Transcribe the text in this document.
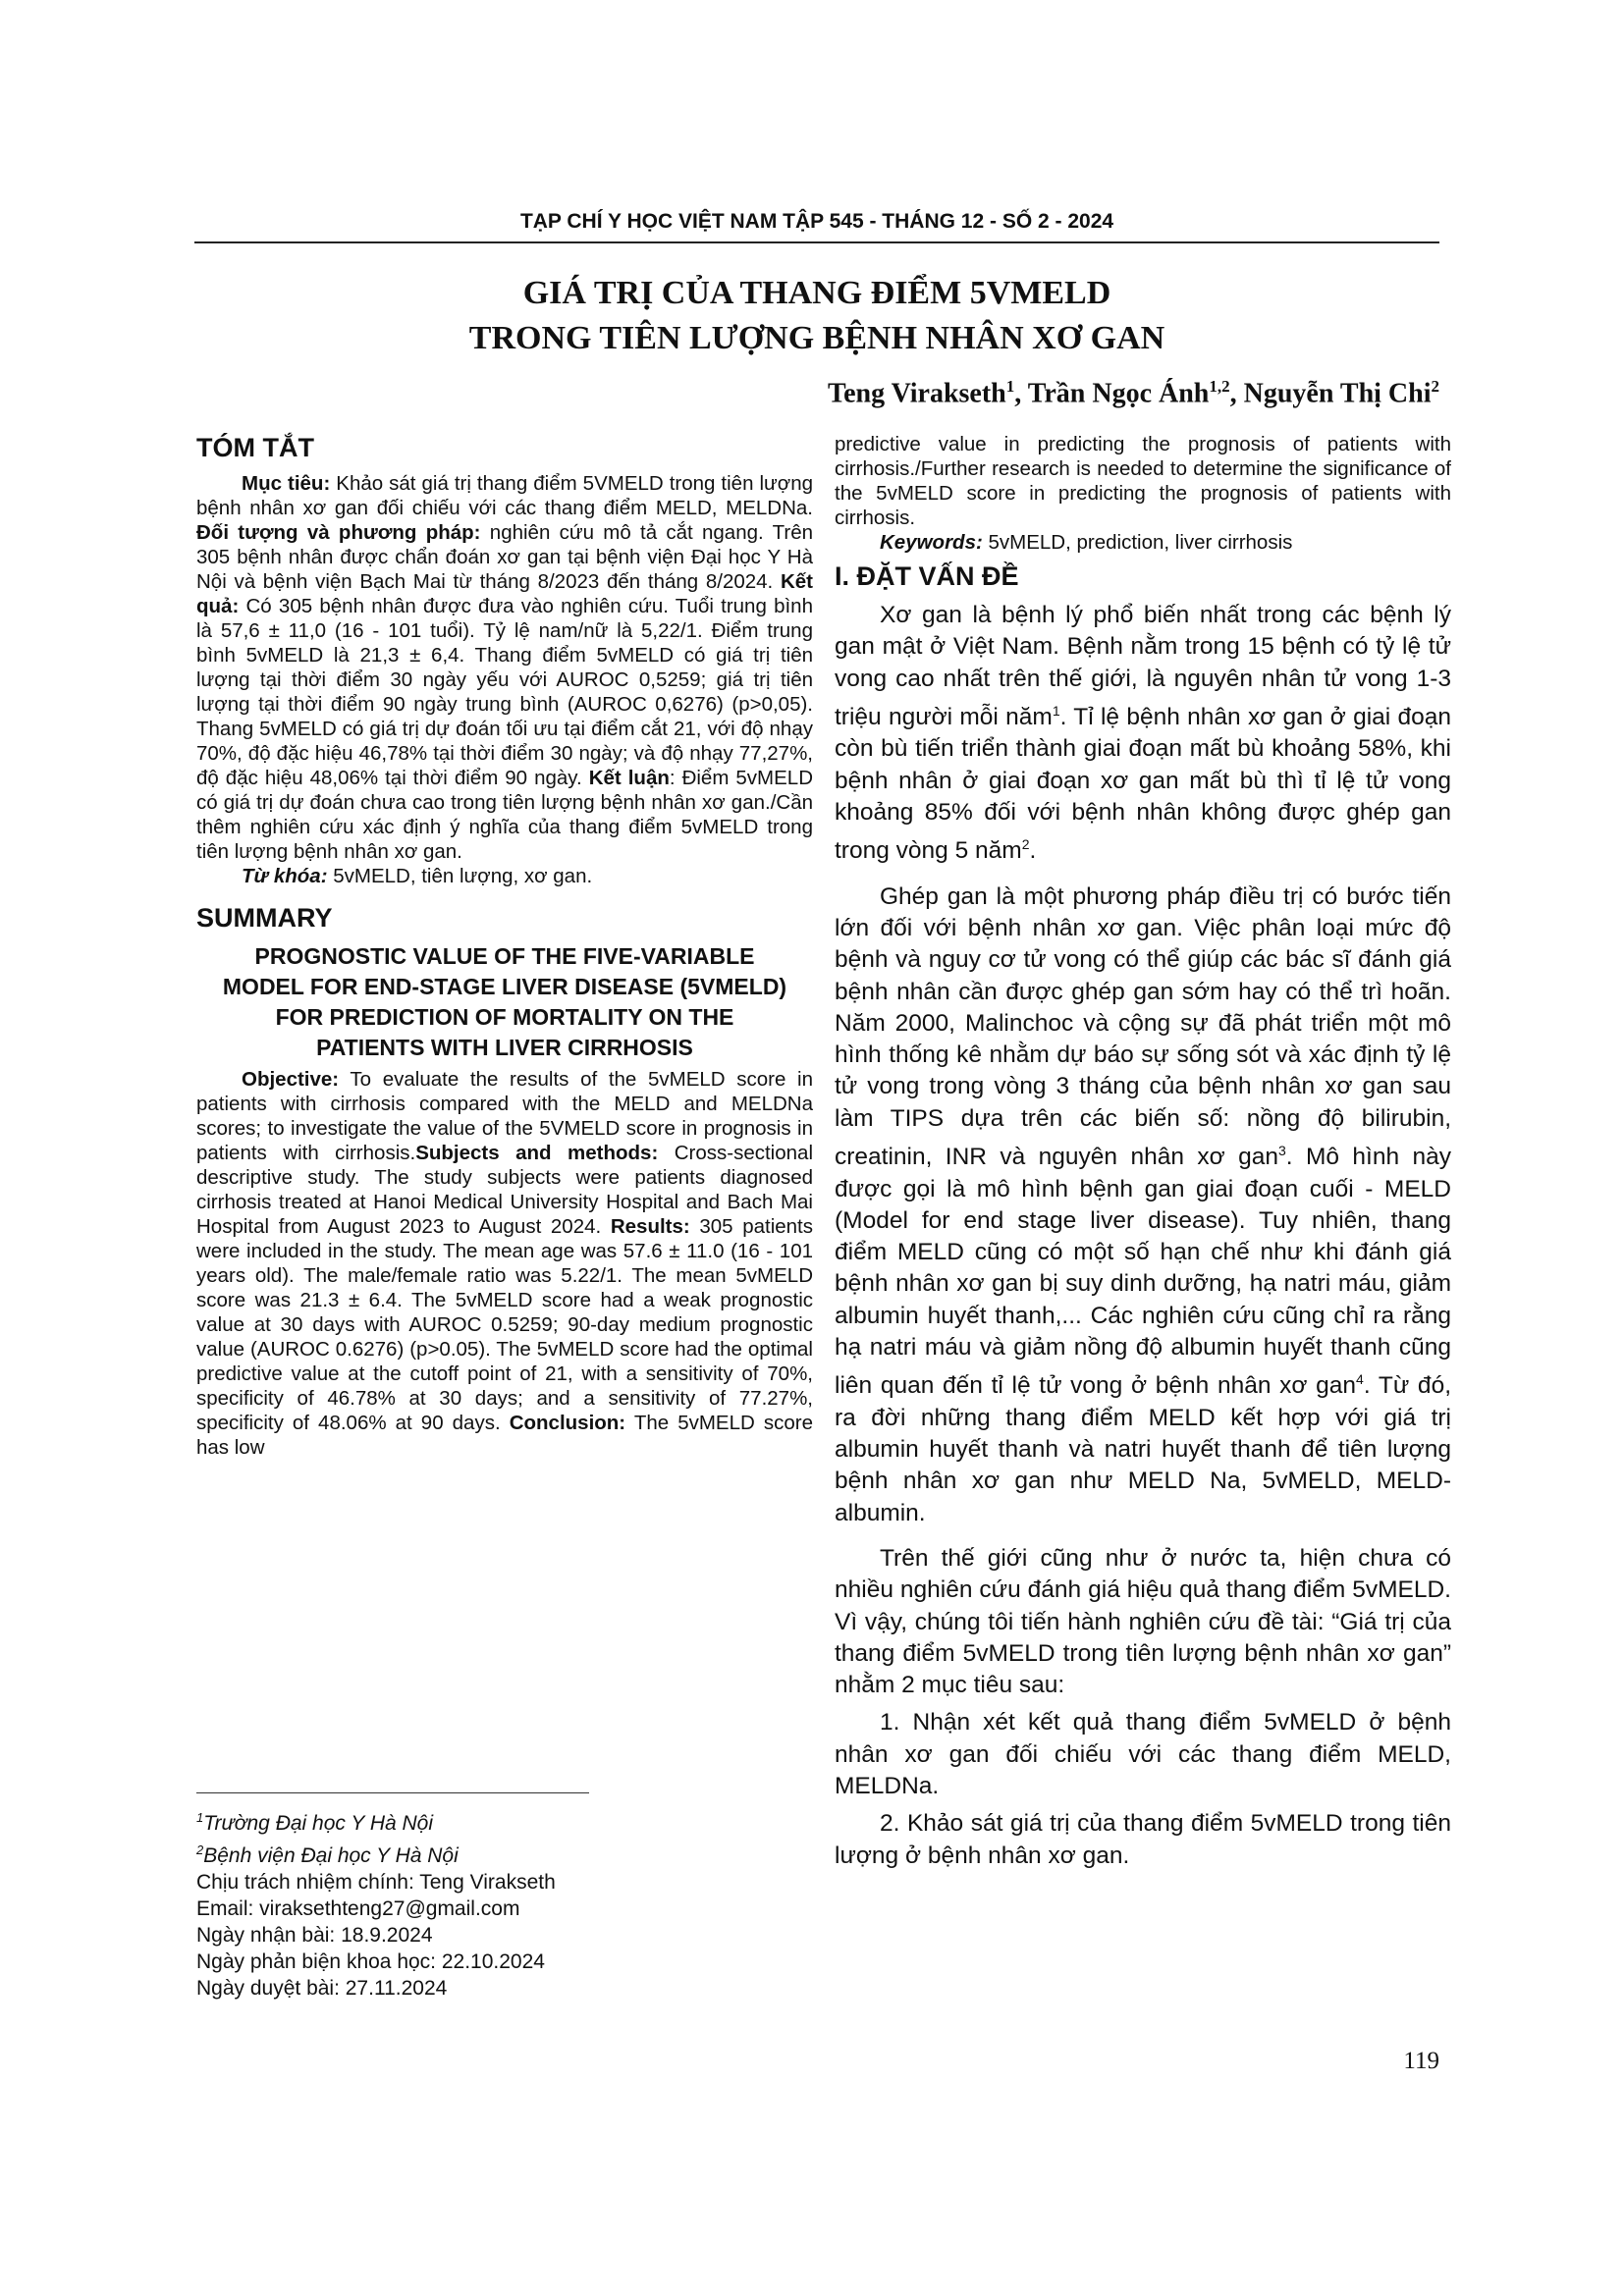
TẠP CHÍ Y HỌC VIỆT NAM TẬP 545 - THÁNG 12 - SỐ 2 - 2024
GIÁ TRỊ CỦA THANG ĐIỂM 5VMELD
TRONG TIÊN LƯỢNG BỆNH NHÂN XƠ GAN
Teng Virakseth$^1$, Trần Ngọc Ánh$^{1,2}$, Nguyễn Thị Chi$^2$
TÓM TẮT

Mục tiêu: Khảo sát giá trị thang điểm 5VMELD trong tiên lượng bệnh nhân xơ gan đối chiếu với các thang điểm MELD, MELDNa. Đối tượng và phương pháp: nghiên cứu mô tả cắt ngang. Trên 305 bệnh nhân được chẩn đoán xơ gan tại bệnh viện Đại học Y Hà Nội và bệnh viện Bạch Mai từ tháng 8/2023 đến tháng 8/2024. Kết quả: Có 305 bệnh nhân được đưa vào nghiên cứu. Tuổi trung bình là 57,6 ± 11,0 (16 - 101 tuổi). Tỷ lệ nam/nữ là 5,22/1. Điểm trung bình 5vMELD là 21,3 ± 6,4. Thang điểm 5vMELD có giá trị tiên lượng tại thời điểm 30 ngày yếu với AUROC 0,5259; giá trị tiên lượng tại thời điểm 90 ngày trung bình (AUROC 0,6276) (p>0,05). Thang 5vMELD có giá trị dự đoán tối ưu tại điểm cắt 21, với độ nhạy 70%, độ đặc hiệu 46,78% tại thời điểm 30 ngày; và độ nhạy 77,27%, độ đặc hiệu 48,06% tại thời điểm 90 ngày. Kết luận: Điểm 5vMELD có giá trị dự đoán chưa cao trong tiên lượng bệnh nhân xơ gan./Cần thêm nghiên cứu xác định ý nghĩa của thang điểm 5vMELD trong tiên lượng bệnh nhân xơ gan.

Từ khóa: 5vMELD, tiên lượng, xơ gan.

SUMMARY
PROGNOSTIC VALUE OF THE FIVE-VARIABLE MODEL FOR END-STAGE LIVER DISEASE (5VMELD) FOR PREDICTION OF MORTALITY ON THE PATIENTS WITH LIVER CIRRHOSIS

Objective: To evaluate the results of the 5vMELD score in patients with cirrhosis compared with the MELD and MELDNa scores; to investigate the value of the 5VMELD score in prognosis in patients with cirrhosis.Subjects and methods: Cross-sectional descriptive study. The study subjects were patients diagnosed cirrhosis treated at Hanoi Medical University Hospital and Bach Mai Hospital from August 2023 to August 2024. Results: 305 patients were included in the study. The mean age was 57.6 ± 11.0 (16 - 101 years old). The male/female ratio was 5.22/1. The mean 5vMELD score was 21.3 ± 6.4. The 5vMELD score had a weak prognostic value at 30 days with AUROC 0.5259; 90-day medium prognostic value (AUROC 0.6276) (p>0.05). The 5vMELD score had the optimal predictive value at the cutoff point of 21, with a sensitivity of 70%, specificity of 46.78% at 30 days; and a sensitivity of 77.27%, specificity of 48.06% at 90 days. Conclusion: The 5vMELD score has low

$^1$Trường Đại học Y Hà Nội
$^2$Bệnh viện Đại học Y Hà Nội
Chịu trách nhiệm chính: Teng Virakseth
Email: viraksethteng27@gmail.com
Ngày nhận bài: 18.9.2024
Ngày phản biện khoa học: 22.10.2024
Ngày duyệt bài: 27.11.2024

predictive value in predicting the prognosis of patients with cirrhosis./Further research is needed to determine the significance of the 5vMELD score in predicting the prognosis of patients with cirrhosis.

Keywords: 5vMELD, prediction, liver cirrhosis

I. ĐẶT VẤN ĐỀ

Xơ gan là bệnh lý phổ biến nhất trong các bệnh lý gan mật ở Việt Nam. Bệnh nằm trong 15 bệnh có tỷ lệ tử vong cao nhất trên thế giới, là nguyên nhân tử vong 1-3 triệu người mỗi năm$^1$. Tỉ lệ bệnh nhân xơ gan ở giai đoạn còn bù tiến triển thành giai đoạn mất bù khoảng 58%, khi bệnh nhân ở giai đoạn xơ gan mất bù thì tỉ lệ tử vong khoảng 85% đối với bệnh nhân không được ghép gan trong vòng 5 năm$^2$.

Ghép gan là một phương pháp điều trị có bước tiến lớn đối với bệnh nhân xơ gan. Việc phân loại mức độ bệnh và nguy cơ tử vong có thể giúp các bác sĩ đánh giá bệnh nhân cần được ghép gan sớm hay có thể trì hoãn. Năm 2000, Malinchoc và cộng sự đã phát triển một mô hình thống kê nhằm dự báo sự sống sót và xác định tỷ lệ tử vong trong vòng 3 tháng của bệnh nhân xơ gan sau làm TIPS dựa trên các biến số: nồng độ bilirubin, creatinin, INR và nguyên nhân xơ gan$^3$. Mô hình này được gọi là mô hình bệnh gan giai đoạn cuối - MELD (Model for end stage liver disease). Tuy nhiên, thang điểm MELD cũng có một số hạn chế như khi đánh giá bệnh nhân xơ gan bị suy dinh dưỡng, hạ natri máu, giảm albumin huyết thanh,... Các nghiên cứu cũng chỉ ra rằng hạ natri máu và giảm nồng độ albumin huyết thanh cũng liên quan đến tỉ lệ tử vong ở bệnh nhân xơ gan$^4$. Từ đó, ra đời những thang điểm MELD kết hợp với giá trị albumin huyết thanh và natri huyết thanh để tiên lượng bệnh nhân xơ gan như MELD Na, 5vMELD, MELD-albumin.

Trên thế giới cũng như ở nước ta, hiện chưa có nhiều nghiên cứu đánh giá hiệu quả thang điểm 5vMELD. Vì vậy, chúng tôi tiến hành nghiên cứu đề tài: “Giá trị của thang điểm 5vMELD trong tiên lượng bệnh nhân xơ gan” nhằm 2 mục tiêu sau:

1. Nhận xét kết quả thang điểm 5vMELD ở bệnh nhân xơ gan đối chiếu với các thang điểm MELD, MELDNa.

2. Khảo sát giá trị của thang điểm 5vMELD trong tiên lượng ở bệnh nhân xơ gan.

119
